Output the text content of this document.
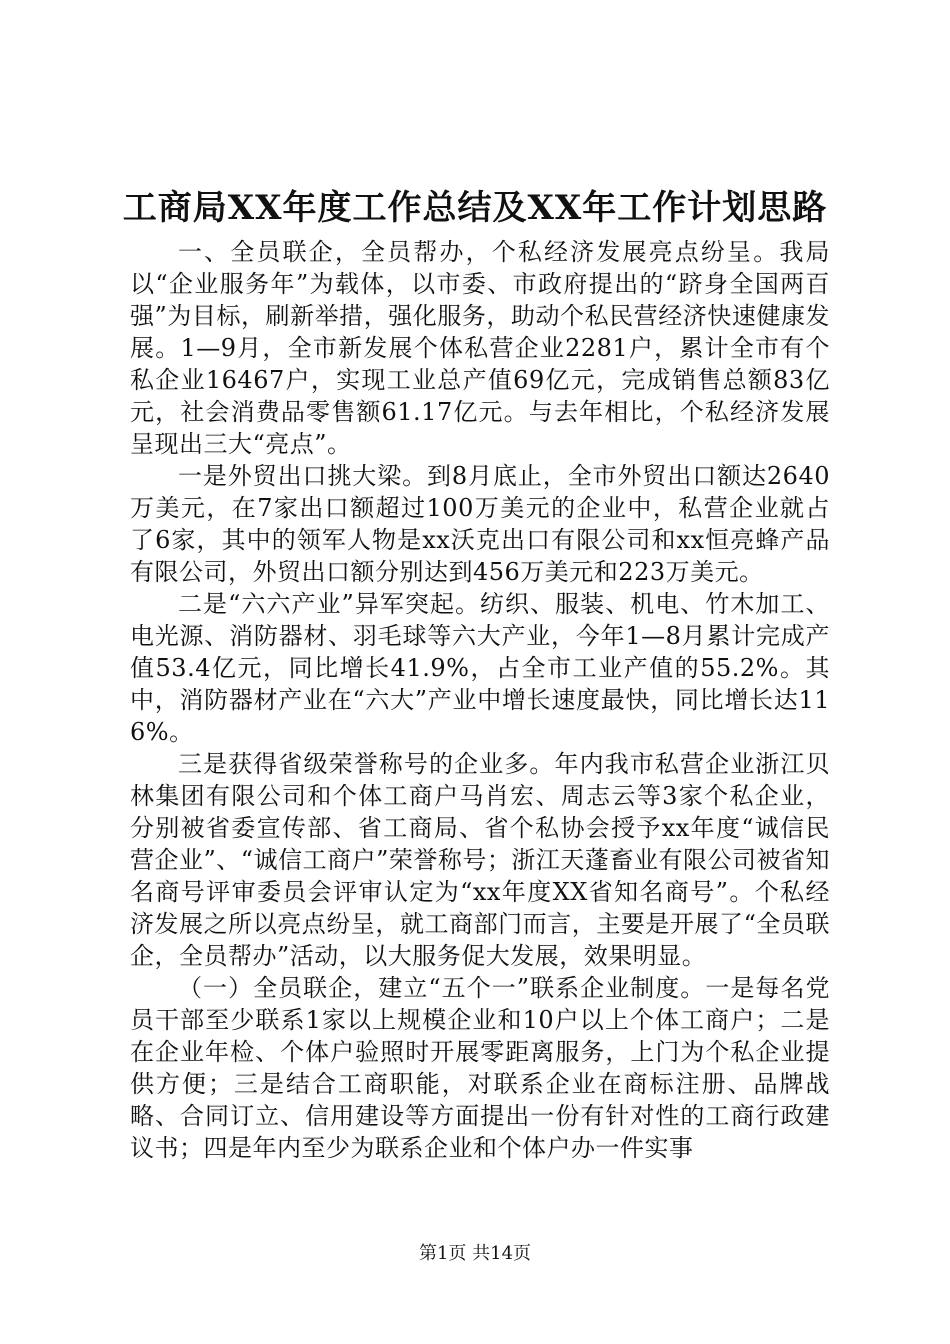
工商局XX年度工作总结及XX年工作计划思路

一、全员联企，全员帮办，个私经济发展亮点纷呈。我局以“企业服务年”为载体，以市委、市政府提出的“跻身全国两百强”为目标，刷新举措，强化服务，助动个私民营经济快速健康发展。1—9月，全市新发展个体私营企业2281户，累计全市有个私企业16467户，实现工业总产值69亿元，完成销售总额83亿元，社会消费品零售额61.17亿元。与去年相比，个私经济发展呈现出三大“亮点”。

一是外贸出口挑大梁。到8月底止，全市外贸出口额达2640万美元，在7家出口额超过100万美元的企业中，私营企业就占了6家，其中的领军人物是xx沃克出口有限公司和xx恒亮蜂产品有限公司，外贸出口额分别达到456万美元和223万美元。

二是“六六产业”异军突起。纺织、服装、机电、竹木加工、电光源、消防器材、羽毛球等六大产业，今年1—8月累计完成产值53.4亿元，同比增长41.9%，占全市工业产值的55.2%。其中，消防器材产业在“六大”产业中增长速度最快，同比增长达116%。

三是获得省级荣誉称号的企业多。年内我市私营企业浙江贝林集团有限公司和个体工商户马肖宏、周志云等3家个私企业，分别被省委宣传部、省工商局、省个私协会授予xx年度“诚信民营企业”、“诚信工商户”荣誉称号；浙江天蓬畜业有限公司被省知名商号评审委员会评审认定为“xx年度XX省知名商号”。个私经济发展之所以亮点纷呈，就工商部门而言，主要是开展了“全员联企，全员帮办”活动，以大服务促大发展，效果明显。

（一）全员联企，建立“五个一”联系企业制度。一是每名党员干部至少联系1家以上规模企业和10户以上个体工商户；二是在企业年检、个体户验照时开展零距离服务，上门为个私企业提供方便；三是结合工商职能，对联系企业在商标注册、品牌战略、合同订立、信用建设等方面提出一份有针对性的工商行政建议书；四是年内至少为联系企业和个体户办一件实事

第1页 共14页
